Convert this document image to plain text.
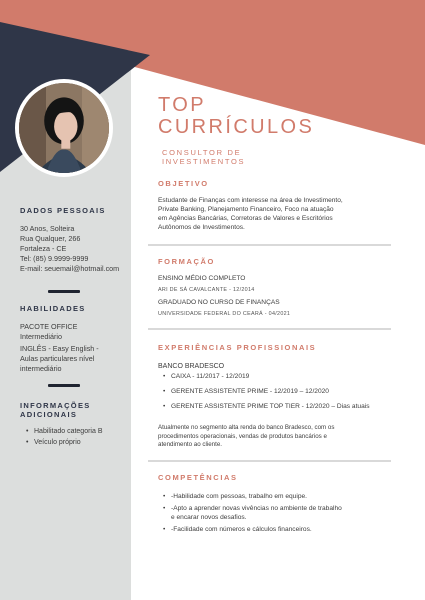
TOP
CURRÍCULOS
CONSULTOR DE
INVESTIMENTOS
DADOS PESSOAIS
30 Anos, Solteira
Rua Qualquer, 266
Fortaleza - CE
Tel: (85) 9.9999-9999
E-mail: seuemail@hotmail.com
HABILIDADES
PACOTE OFFICE
Intermediário
INGLÊS - Easy English -
Aulas particulares nível
intermediário
INFORMAÇÕES
ADICIONAIS
• Habilitado categoria B
• Veículo próprio
OBJETIVO
Estudante de Finanças com interesse na área de Investimento,
Private Banking, Planejamento Financeiro, Foco na atuação
em Agências Bancárias, Corretoras de Valores e Escritórios
Autônomos de Investimentos.
FORMAÇÃO
ENSINO MÉDIO COMPLETO
ARI DE SÁ CAVALCANTE - 12/2014
GRADUADO NO CURSO DE FINANÇAS
UNIVERSIDADE FEDERAL DO CEARÁ - 04/2021
EXPERIÊNCIAS PROFISSIONAIS
BANCO BRADESCO
• CAIXA - 11/2017 - 12/2019
• GERENTE ASSISTENTE PRIME - 12/2019 – 12/2020
• GERENTE ASSISTENTE PRIME TOP TIER - 12/2020 – Dias atuais
Atualmente no segmento alta renda do banco Bradesco, com os
procedimentos operacionais, vendas de produtos bancários e
atendimento ao cliente.
COMPETÊNCIAS
• -Habilidade com pessoas, trabalho em equipe.
• -Apto a aprender novas vivências no ambiente de trabalho
e encarar novos desafios.
• -Facilidade com números e cálculos financeiros.
